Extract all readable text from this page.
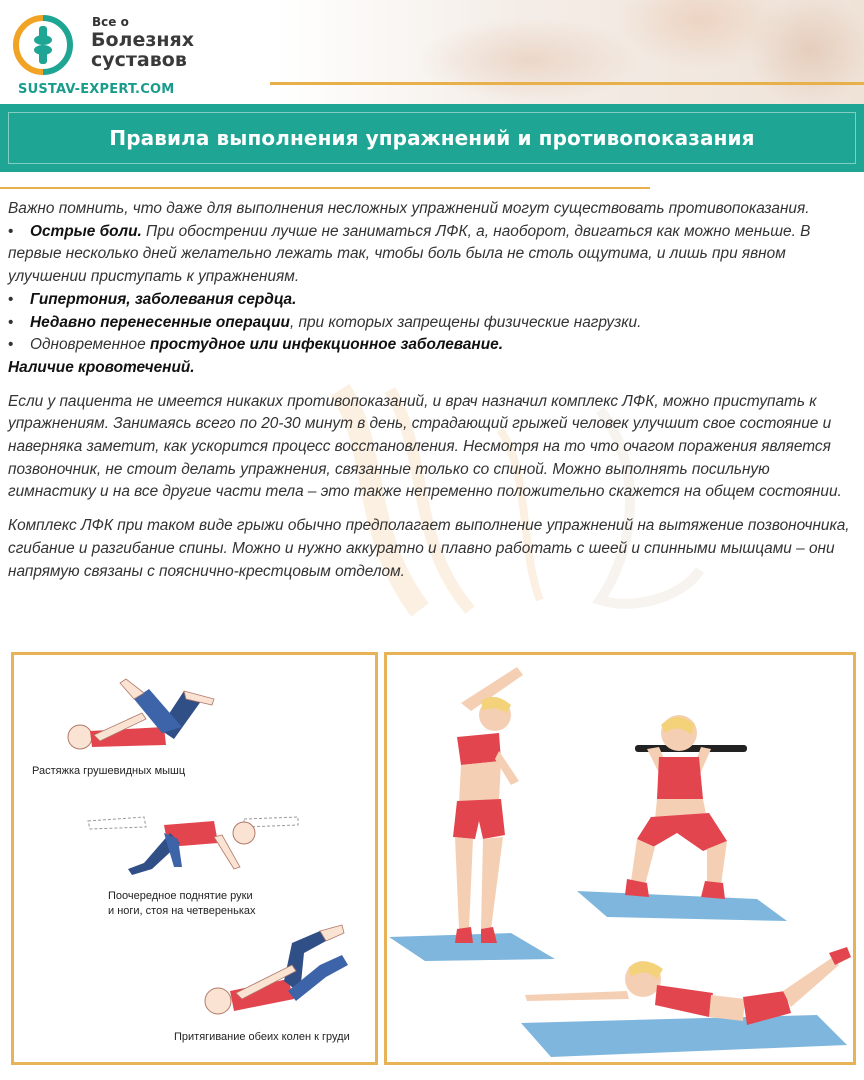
Все о
Болезнях
суставов
SUSTAV-EXPERT.COM
Правила выполнения упражнений и противопоказания

Важно помнить, что даже для выполнения несложных упражнений могут существовать противопоказания.

• Острые боли. При обострении лучше не заниматься ЛФК, а, наоборот, двигаться как можно меньше. В первые несколько дней желательно лежать так, чтобы боль была не столь ощутима, и лишь при явном улучшении приступать к упражнениям.

• Гипертония, заболевания сердца.

• Недавно перенесенные операции, при которых запрещены физические нагрузки.

• Одновременное простудное или инфекционное заболевание.

Наличие кровотечений.

Если у пациента не имеется никаких противопоказаний, и врач назначил комплекс ЛФК, можно приступать к упражнениям. Занимаясь всего по 20-30 минут в день, страдающий грыжей человек улучшит свое состояние и наверняка заметит, как ускорится процесс восстановления. Несмотря на то что очагом поражения является позвоночник, не стоит делать упражнения, связанные только со спиной. Можно выполнять посильную гимнастику и на все другие части тела – это также непременно положительно скажется на общем состоянии.

Комплекс ЛФК при таком виде грыжи обычно предполагает выполнение упражнений на вытяжение позвоночника, сгибание и разгибание спины. Можно и нужно аккуратно и плавно работать с шеей и спинными мышцами – они напрямую связаны с пояснично-крестцовым отделом.

Растяжка грушевидных мышц
Поочередное поднятие руки
и ноги, стоя на четвереньках
Притягивание обеих колен к груди
